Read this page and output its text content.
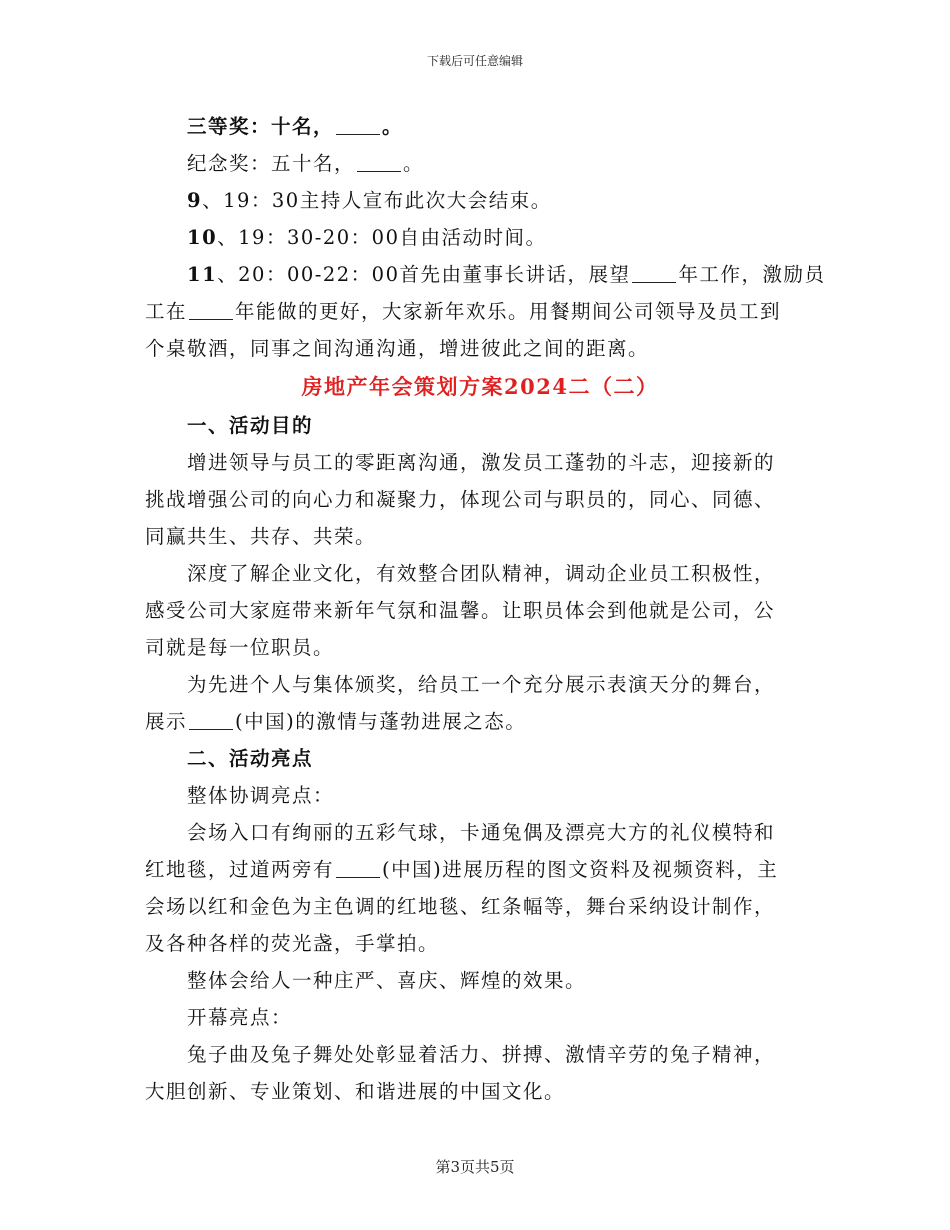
下载后可任意编辑
三等奖：十名， 。
纪念奖：五十名， 。
9、19：30主持人宣布此次大会结束。
10、19：30-20：00自由活动时间。
11、20：00-22：00首先由董事长讲话，展望 年工作，激励员
工在 年能做的更好，大家新年欢乐。用餐期间公司领导及员工到
个桌敬酒，同事之间沟通沟通，增进彼此之间的距离。
房地产年会策划方案2024二（二）
一、活动目的
增进领导与员工的零距离沟通，激发员工蓬勃的斗志，迎接新的
挑战增强公司的向心力和凝聚力，体现公司与职员的，同心、同德、
同赢共生、共存、共荣。
深度了解企业文化，有效整合团队精神，调动企业员工积极性，
感受公司大家庭带来新年气氛和温馨。让职员体会到他就是公司，公
司就是每一位职员。
为先进个人与集体颁奖，给员工一个充分展示表演天分的舞台，
展示 (中国)的激情与蓬勃进展之态。
二、活动亮点
整体协调亮点：
会场入口有绚丽的五彩气球，卡通兔偶及漂亮大方的礼仪模特和
红地毯，过道两旁有 (中国)进展历程的图文资料及视频资料，主
会场以红和金色为主色调的红地毯、红条幅等，舞台采纳设计制作，
及各种各样的荧光盏，手掌拍。
整体会给人一种庄严、喜庆、辉煌的效果。
开幕亮点：
兔子曲及兔子舞处处彰显着活力、拼搏、激情辛劳的兔子精神，
大胆创新、专业策划、和谐进展的中国文化。
第3页共5页
